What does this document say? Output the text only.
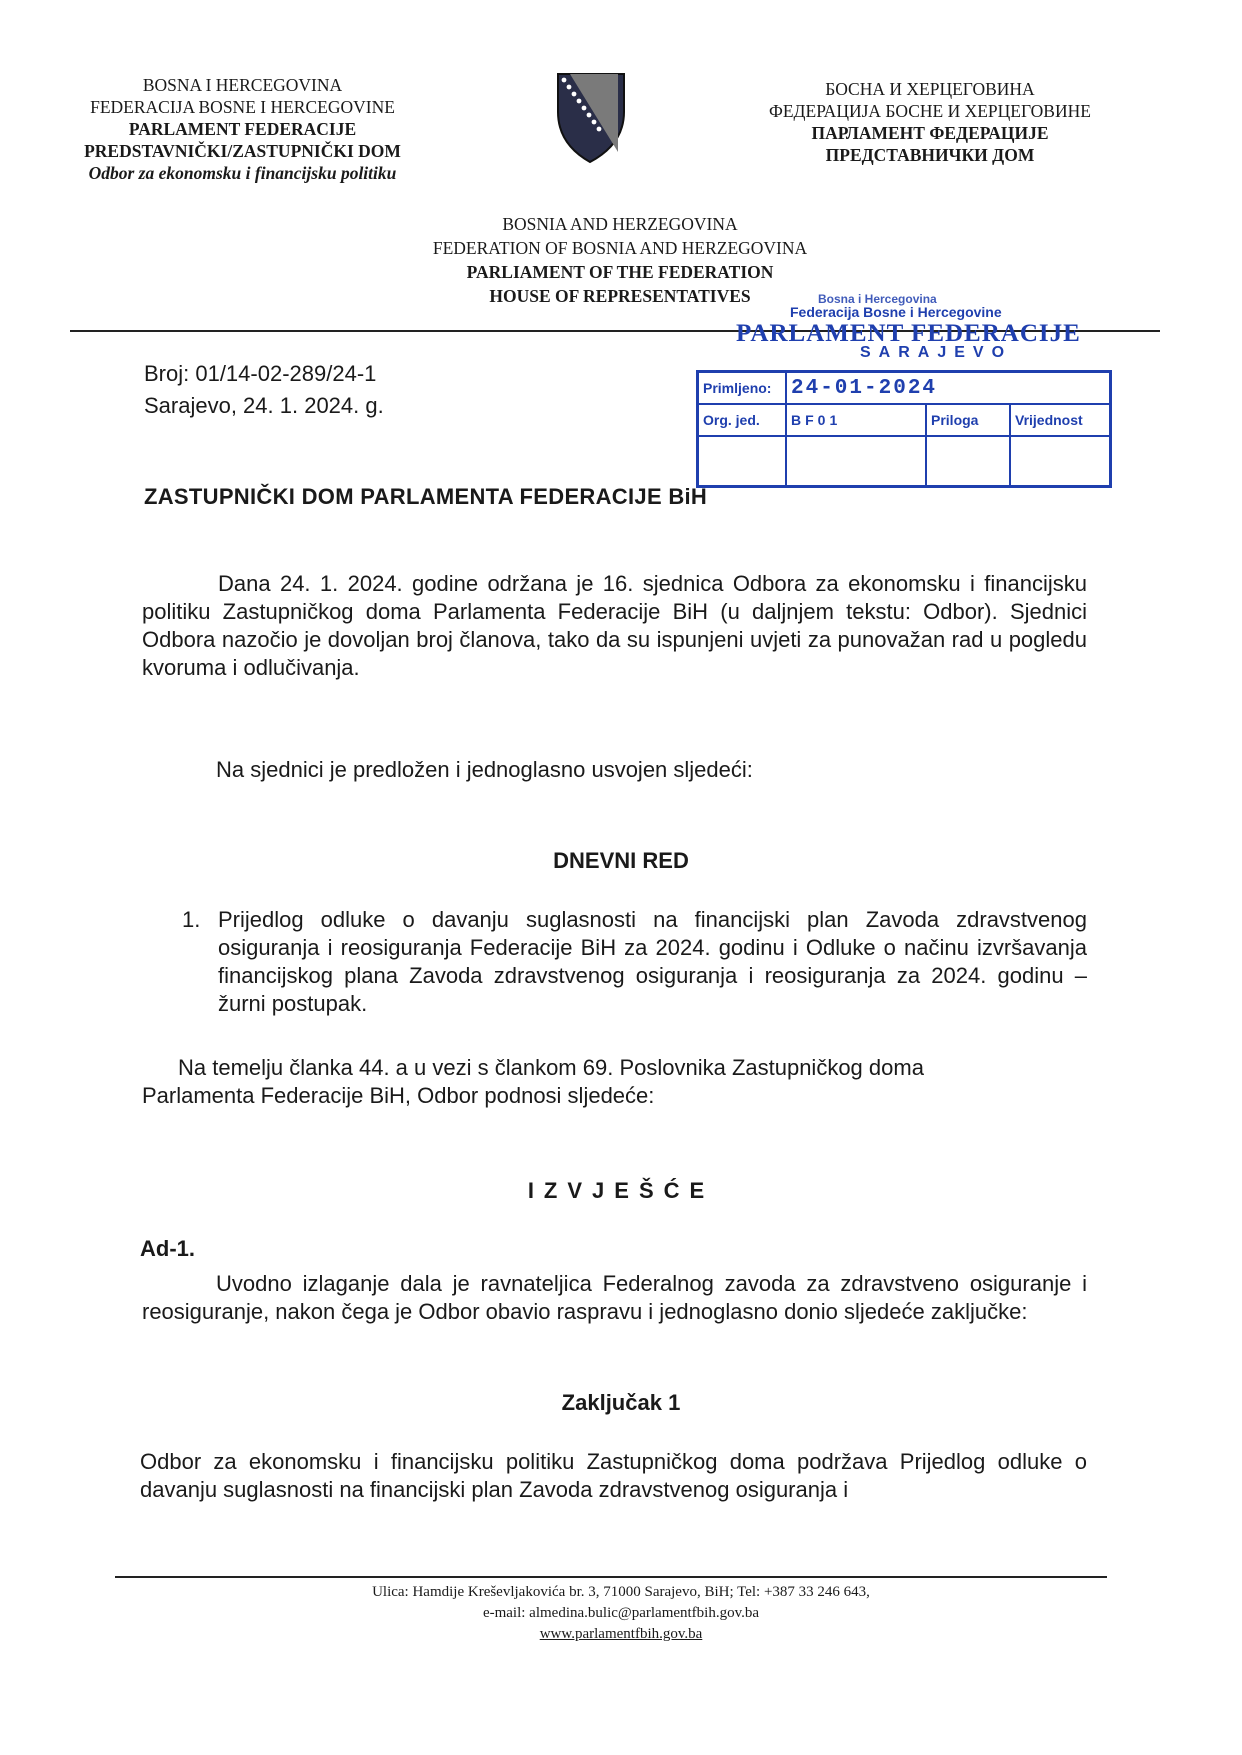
BOSNA I HERCEGOVINA
FEDERACIJA BOSNE I HERCEGOVINE
PARLAMENT FEDERACIJE
PREDSTAVNIČKI/ZASTUPNIČKI DOM
Odbor za ekonomsku i financijsku politiku
БОСНА И ХЕРЦЕГОВИНА
ФЕДЕРАЦИЈА БОСНЕ И ХЕРЦЕГОВИНЕ
ПАРЛАМЕНТ ФЕДЕРАЦИЈЕ
ПРЕДСТАВНИЧКИ ДОМ
BOSNIA AND HERZEGOVINA
FEDERATION OF BOSNIA AND HERZEGOVINA
PARLIAMENT OF THE FEDERATION
HOUSE OF REPRESENTATIVES
Broj: 01/14-02-289/24-1
Sarajevo, 24. 1. 2024. g.
Bosna i Hercegovina
Federacija Bosne i Hercegovine
PARLAMENT FEDERACIJE
SARAJEVO
Primljeno:	24-01-2024		
Org. jed.	BF01	Priloga	Vrijednost

ZASTUPNIČKI DOM PARLAMENTA FEDERACIJE BiH
Dana 24. 1. 2024. godine održana je 16. sjednica Odbora za ekonomsku i financijsku politiku Zastupničkog doma Parlamenta Federacije BiH (u daljnjem tekstu: Odbor). Sjednici Odbora nazočio je dovoljan broj članova, tako da su ispunjeni uvjeti za punovažan rad u pogledu kvoruma i odlučivanja.
Na sjednici je predložen i jednoglasno usvojen sljedeći:
DNEVNI RED
1. Prijedlog odluke o davanju suglasnosti na financijski plan Zavoda zdravstvenog osiguranja i reosiguranja Federacije BiH za 2024. godinu i Odluke o načinu izvršavanja financijskog plana Zavoda zdravstvenog osiguranja i reosiguranja za 2024. godinu – žurni postupak.
Na temelju članka 44. a u vezi s člankom 69. Poslovnika Zastupničkog doma Parlamenta Federacije BiH, Odbor podnosi sljedeće:
IZVJEŠĆE
Ad-1.
Uvodno izlaganje dala je ravnateljica Federalnog zavoda za zdravstveno osiguranje i reosiguranje, nakon čega je Odbor obavio raspravu i jednoglasno donio sljedeće zaključke:
Zaključak 1
Odbor za ekonomsku i financijsku politiku Zastupničkog doma podržava Prijedlog odluke o davanju suglasnosti na financijski plan Zavoda zdravstvenog osiguranja i
Ulica: Hamdije Kreševljakovića br. 3, 71000 Sarajevo, BiH; Tel: +387 33 246 643,
e-mail: almedina.bulic@parlamentfbih.gov.ba
www.parlamentfbih.gov.ba
